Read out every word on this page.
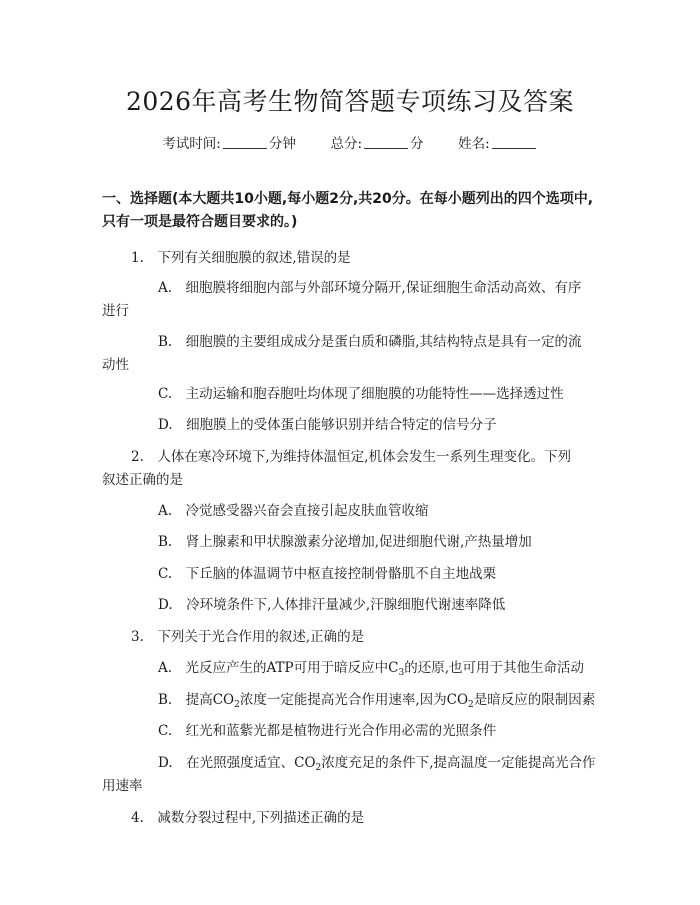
2026年高考生物简答题专项练习及答案
考试时间:	分钟	总分:	分	姓名:
一、选择题(本大题共10小题,每小题2分,共20分。在每小题列出的四个选项中,只有一项是最符合题目要求的。)
1.　下列有关细胞膜的叙述,错误的是
A.　细胞膜将细胞内部与外部环境分隔开,保证细胞生命活动高效、有序
进行
B.　细胞膜的主要组成成分是蛋白质和磷脂,其结构特点是具有一定的流
动性
C.　主动运输和胞吞胞吐均体现了细胞膜的功能特性——选择透过性
D.　细胞膜上的受体蛋白能够识别并结合特定的信号分子
2.　人体在寒冷环境下,为维持体温恒定,机体会发生一系列生理变化。下列
叙述正确的是
A.　冷觉感受器兴奋会直接引起皮肤血管收缩
B.　肾上腺素和甲状腺激素分泌增加,促进细胞代谢,产热量增加
C.　下丘脑的体温调节中枢直接控制骨骼肌不自主地战栗
D.　冷环境条件下,人体排汗量减少,汗腺细胞代谢速率降低
3.　下列关于光合作用的叙述,正确的是
A.　光反应产生的ATP可用于暗反应中$C_3$的还原,也可用于其他生命活动
B.　提高$CO_2$浓度一定能提高光合作用速率,因为$CO_2$是暗反应的限制因素
C.　红光和蓝紫光都是植物进行光合作用必需的光照条件
D.　在光照强度适宜、$CO_2$浓度充足的条件下,提高温度一定能提高光合作
用速率
4.　减数分裂过程中,下列描述正确的是
